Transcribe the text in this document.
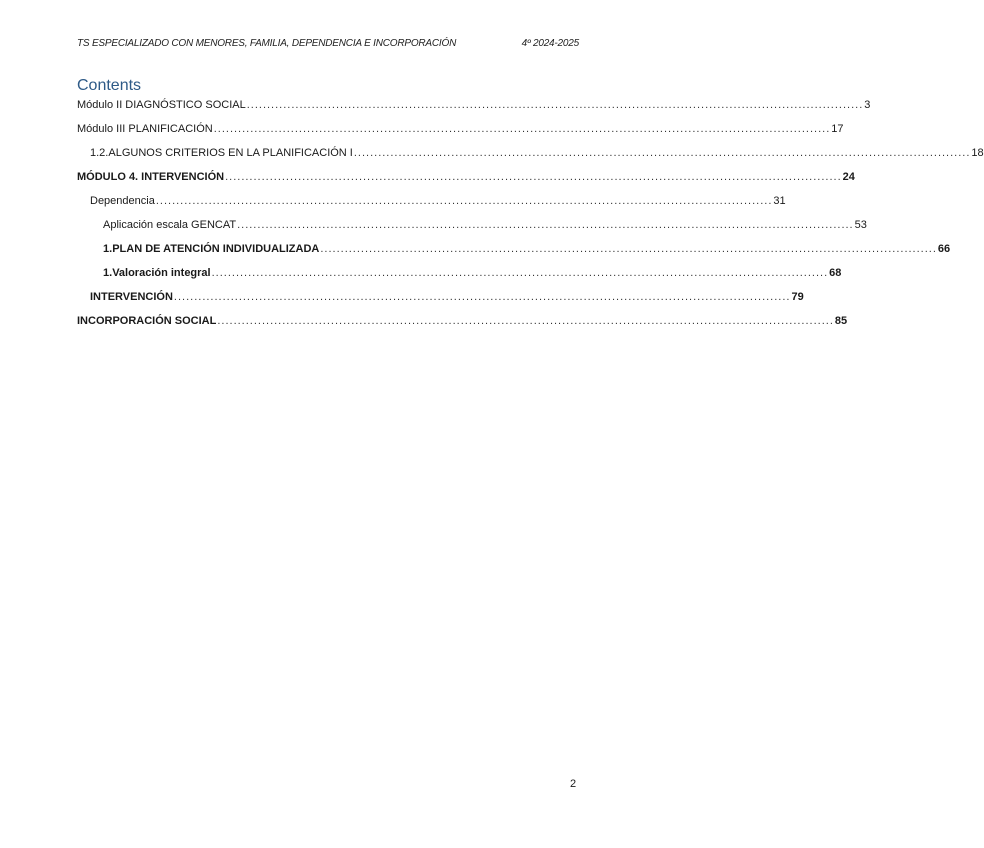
TS ESPECIALIZADO CON MENORES, FAMILIA, DEPENDENCIA E INCORPORACIÓN	4º 2024-2025
Contents
Módulo II DIAGNÓSTICO SOCIAL ........................................................................................................................................................ 3
Módulo III PLANIFICACIÓN ........................................................................................................................................................ 17
1.2. ALGUNOS CRITERIOS EN LA PLANIFICACIÓN I ........................................................................................................................................................ 18
MÓDULO 4. INTERVENCIÓN ........................................................................................................................................................ 24
Dependencia ........................................................................................................................................................ 31
Aplicación escala GENCAT ........................................................................................................................................................ 53
1. PLAN DE ATENCIÓN INDIVIDUALIZADA ........................................................................................................................................................ 66
1. Valoración integral ........................................................................................................................................................ 68
INTERVENCIÓN ........................................................................................................................................................ 79
INCORPORACIÓN SOCIAL ........................................................................................................................................................ 85
2
